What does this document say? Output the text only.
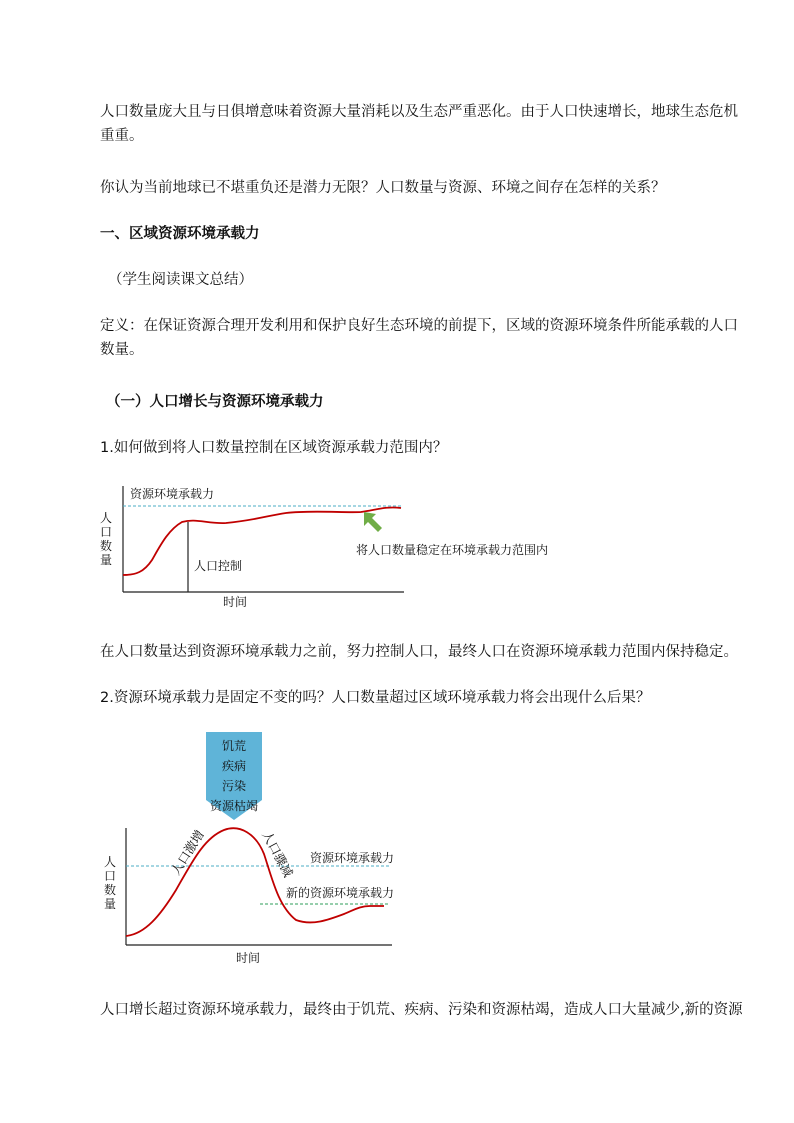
人口数量庞大且与日俱增意味着资源大量消耗以及生态严重恶化。由于人口快速增长，地球生态危机重重。

你认为当前地球已不堪重负还是潜力无限？人口数量与资源、环境之间存在怎样的关系？

一、区域资源环境承载力

（学生阅读课文总结）

定义：在保证资源合理开发利用和保护良好生态环境的前提下，区域的资源环境条件所能承载的人口数量。

（一）人口增长与资源环境承载力

1.如何做到将人口数量控制在区域资源承载力范围内？

资源环境承载力
人口控制
人口数量
时间
将人口数量稳定在环境承载力范围内

在人口数量达到资源环境承载力之前，努力控制人口，最终人口在资源环境承载力范围内保持稳定。

2.资源环境承载力是固定不变的吗？人口数量超过区域环境承载力将会出现什么后果？

饥荒
疾病
污染
资源枯竭
人口激增	人口骤减 资源环境承载力
新的资源环境承载力
人口数量
时间

人口增长超过资源环境承载力，最终由于饥荒、疾病、污染和资源枯竭，造成人口大量减少,新的资源
